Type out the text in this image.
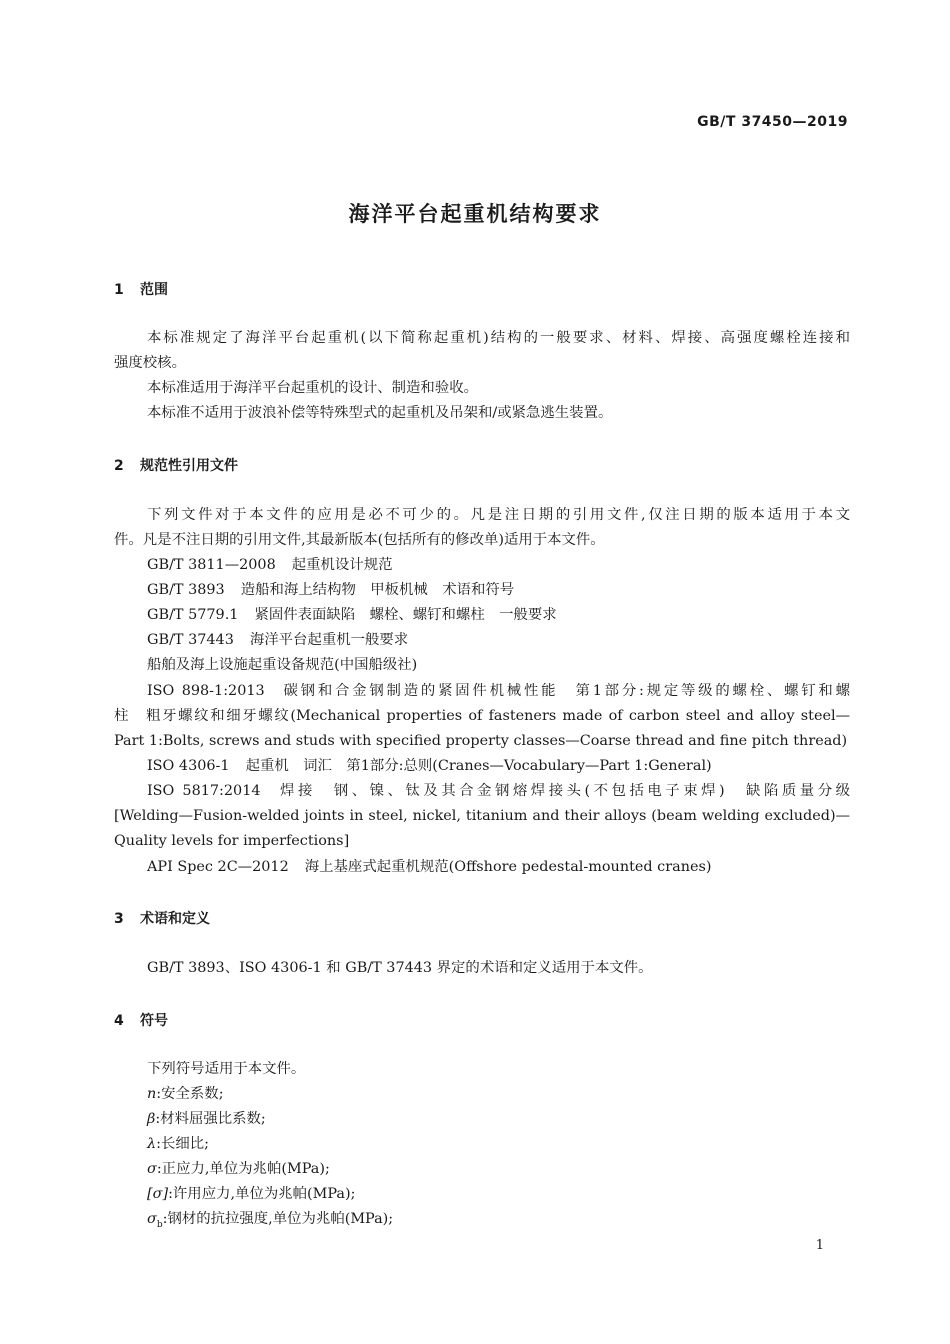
GB/T 37450—2019
海洋平台起重机结构要求
1 范围
本标准规定了海洋平台起重机(以下简称起重机)结构的一般要求、材料、焊接、高强度螺栓连接和
强度校核。
本标准适用于海洋平台起重机的设计、制造和验收。
本标准不适用于波浪补偿等特殊型式的起重机及吊架和/或紧急逃生装置。
2 规范性引用文件
下列文件对于本文件的应用是必不可少的。凡是注日期的引用文件,仅注日期的版本适用于本文
件。凡是不注日期的引用文件,其最新版本(包括所有的修改单)适用于本文件。
GB/T 3811—2008 起重机设计规范
GB/T 3893 造船和海上结构物　甲板机械　术语和符号
GB/T 5779.1 紧固件表面缺陷　螺栓、螺钉和螺柱　一般要求
GB/T 37443 海洋平台起重机一般要求
船舶及海上设施起重设备规范(中国船级社)
ISO 898-1:2013 碳钢和合金钢制造的紧固件机械性能　第1部分:规定等级的螺栓、螺钉和螺
柱　粗牙螺纹和细牙螺纹(Mechanical properties of fasteners made of carbon steel and alloy steel—
Part 1:Bolts, screws and studs with specified property classes—Coarse thread and fine pitch thread)
ISO 4306-1 起重机　词汇　第1部分:总则(Cranes—Vocabulary—Part 1:General)
ISO 5817:2014 焊接　钢、镍、钛及其合金钢熔焊接头(不包括电子束焊)　缺陷质量分级
[Welding—Fusion-welded joints in steel, nickel, titanium and their alloys (beam welding excluded)—
Quality levels for imperfections]
API Spec 2C—2012 海上基座式起重机规范(Offshore pedestal-mounted cranes)
3 术语和定义
GB/T 3893、ISO 4306-1 和 GB/T 37443 界定的术语和定义适用于本文件。
4 符号
下列符号适用于本文件。
n:安全系数;
β:材料屈强比系数;
λ:长细比;
σ:正应力,单位为兆帕(MPa);
[σ]:许用应力,单位为兆帕(MPa);
$\sigma_b$:钢材的抗拉强度,单位为兆帕(MPa);
1
